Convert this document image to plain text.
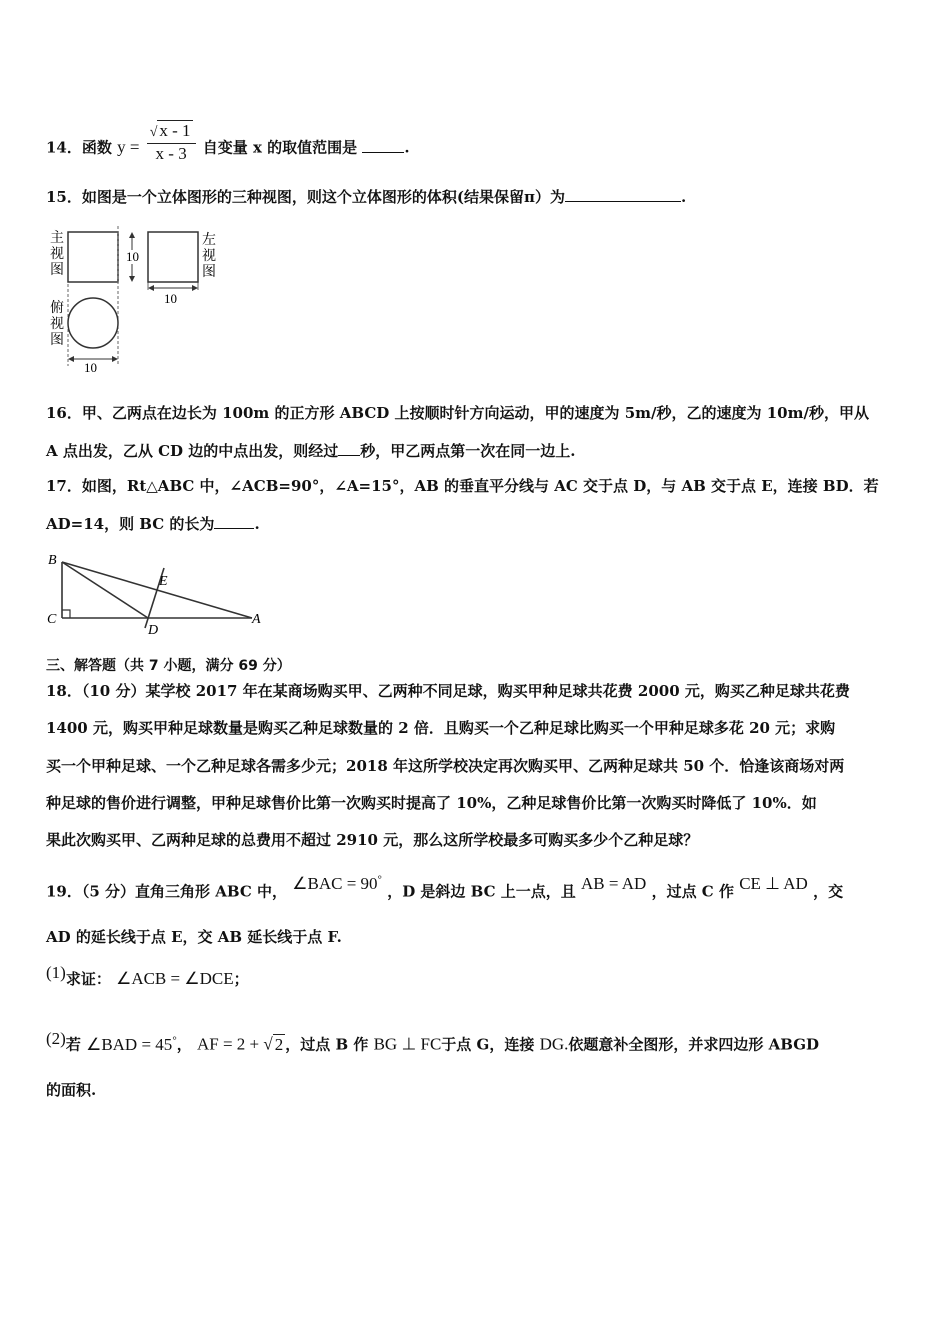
14．函数 $y = \frac{√ x - 1}{x - 3}$ 自变量 x 的取值范围是	.
15．如图是一个立体图形的三种视图，则这个立体图形的体积(结果保留π）为	.
主
视
图
10
左
视
图
10
俯
视
图
10
16．甲、乙两点在边长为 100m 的正方形 ABCD 上按顺时针方向运动，甲的速度为 5m/秒，乙的速度为 10m/秒，甲从
A 点出发，乙从 CD 边的中点出发，则经过 秒，甲乙两点第一次在同一边上.
17．如图，Rt△ABC 中，∠ACB=90°，∠A=15°，AB 的垂直平分线与 AC 交于点 D，与 AB 交于点 E，连接 BD．若
AD=14，则 BC 的长为	.
B
C
D
E
A
三、解答题（共 7 小题，满分 69 分）
18．（10 分）某学校 2017 年在某商场购买甲、乙两种不同足球，购买甲种足球共花费 2000 元，购买乙种足球共花费
1400 元，购买甲种足球数量是购买乙种足球数量的 2 倍．且购买一个乙种足球比购买一个甲种足球多花 20 元；求购
买一个甲种足球、一个乙种足球各需多少元；2018 年这所学校决定再次购买甲、乙两种足球共 50 个．恰逢该商场对两
种足球的售价进行调整，甲种足球售价比第一次购买时提高了 10%，乙种足球售价比第一次购买时降低了 10%．如
果此次购买甲、乙两种足球的总费用不超过 2910 元，那么这所学校最多可购买多少个乙种足球？
19．（5 分）直角三角形 ABC 中， ∠BAC = 90° ，D 是斜边 BC 上一点，且 AB = AD ，过点 C 作 CE ⊥ AD ，交
AD 的延长线于点 E，交 AB 延长线于点 F.
(1)求证： ∠ACB = ∠DCE；
(2)若 ∠BAD = 45°， AF = 2 + √ 2 ，过点 B 作 BG ⊥ FC于点 G，连接 DG.依题意补全图形，并求四边形 ABGD
的面积.
